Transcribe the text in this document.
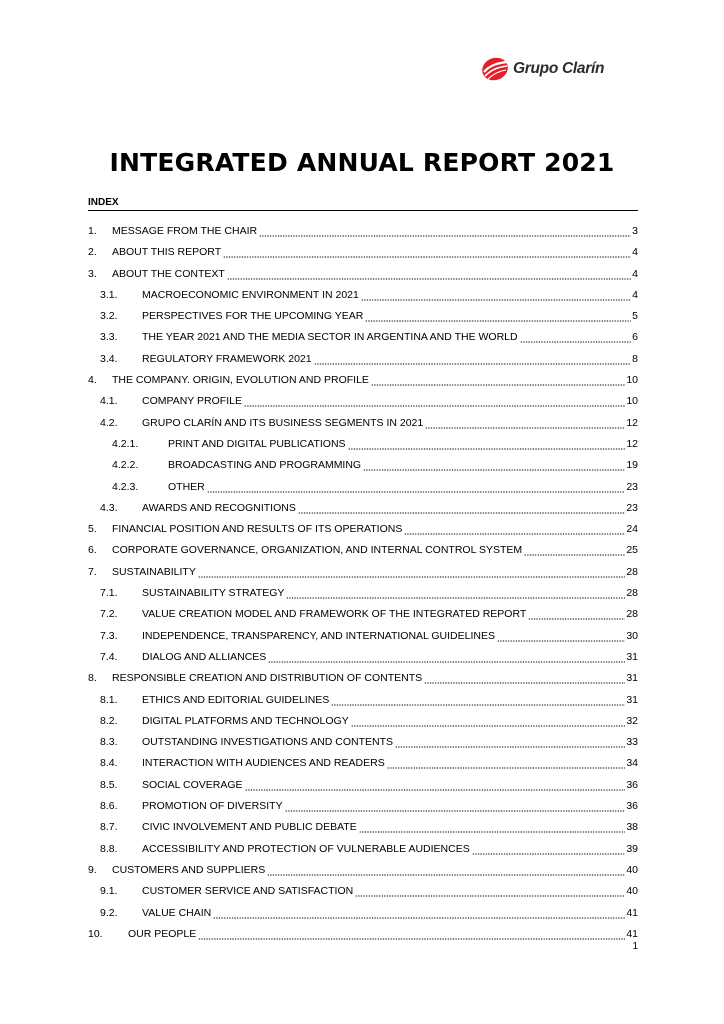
Grupo Clarín
INTEGRATED ANNUAL REPORT 2021
INDEX
1.	MESSAGE FROM THE CHAIR	3
2.	ABOUT THIS REPORT	4
3.	ABOUT THE CONTEXT	4
3.1.	MACROECONOMIC ENVIRONMENT IN 2021	4
3.2.	PERSPECTIVES FOR THE UPCOMING YEAR	5
3.3.	THE YEAR 2021 AND THE MEDIA SECTOR IN ARGENTINA AND THE WORLD	6
3.4.	REGULATORY FRAMEWORK 2021	8
4.	THE COMPANY. ORIGIN, EVOLUTION AND PROFILE	10
4.1.	COMPANY PROFILE	10
4.2.	GRUPO CLARÍN AND ITS BUSINESS SEGMENTS IN 2021	12
4.2.1.	PRINT AND DIGITAL PUBLICATIONS	12
4.2.2.	BROADCASTING AND PROGRAMMING	19
4.2.3.	OTHER	23
4.3.	AWARDS AND RECOGNITIONS	23
5.	FINANCIAL POSITION AND RESULTS OF ITS OPERATIONS	24
6.	CORPORATE GOVERNANCE, ORGANIZATION, AND INTERNAL CONTROL SYSTEM	25
7.	SUSTAINABILITY	28
7.1.	SUSTAINABILITY STRATEGY	28
7.2.	VALUE CREATION MODEL AND FRAMEWORK OF THE INTEGRATED REPORT	28
7.3.	INDEPENDENCE, TRANSPARENCY, AND INTERNATIONAL GUIDELINES	30
7.4.	DIALOG AND ALLIANCES	31
8.	RESPONSIBLE CREATION AND DISTRIBUTION OF CONTENTS	31
8.1.	ETHICS AND EDITORIAL GUIDELINES	31
8.2.	DIGITAL PLATFORMS AND TECHNOLOGY	32
8.3.	OUTSTANDING INVESTIGATIONS AND CONTENTS	33
8.4.	INTERACTION WITH AUDIENCES AND READERS	34
8.5.	SOCIAL COVERAGE	36
8.6.	PROMOTION OF DIVERSITY	36
8.7.	CIVIC INVOLVEMENT AND PUBLIC DEBATE	38
8.8.	ACCESSIBILITY AND PROTECTION OF VULNERABLE AUDIENCES	39
9.	CUSTOMERS AND SUPPLIERS	40
9.1.	CUSTOMER SERVICE AND SATISFACTION	40
9.2.	VALUE CHAIN	41
10.	OUR PEOPLE	41
1
